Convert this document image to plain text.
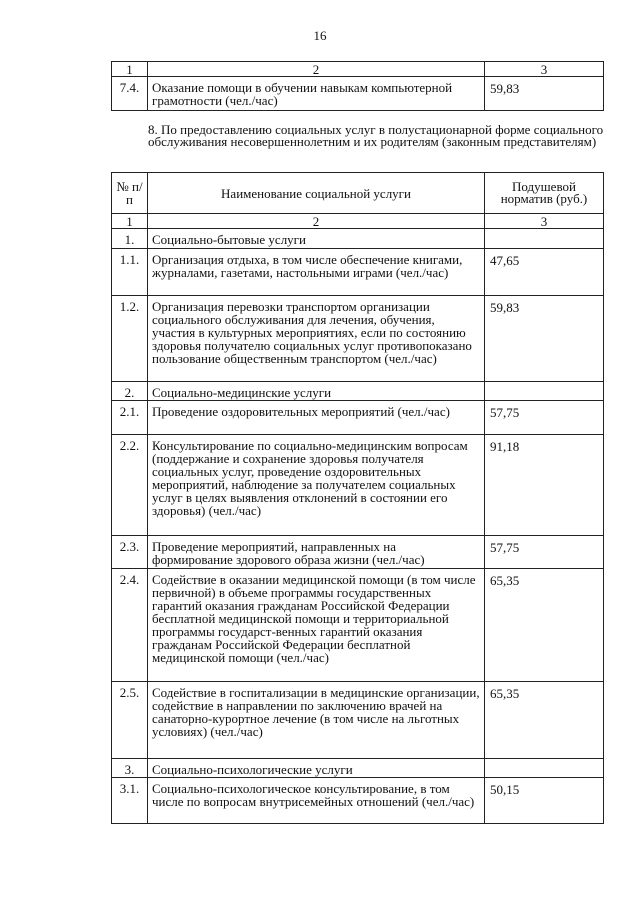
16
1	2	3
7.4.	Оказание помощи в обучении навыкам компьютерной грамотности (чел./час)	59,83
8. По предоставлению социальных услуг в полустационарной форме социального обслуживания несовершеннолетним и их родителям (законным представителям)
№ п/п	Наименование социальной услуги	Подушевой норматив (руб.)
1	2	3
1.	Социально-бытовые услуги	
1.1.	Организация отдыха, в том числе обеспечение книгами, журналами, газетами, настольными играми (чел./час)	47,65
1.2.	Организация перевозки транспортом организации социального обслуживания для лечения, обучения, участия в культурных мероприятиях, если по состоянию здоровья получателю социальных услуг противопоказано пользование общественным транспортом (чел./час)	59,83
2.	Социально-медицинские услуги	
2.1.	Проведение оздоровительных мероприятий (чел./час)	57,75
2.2.	Консультирование по социально-медицинским вопросам (поддержание и сохранение здоровья получателя социальных услуг, проведение оздоровительных мероприятий, наблюдение за получателем социальных услуг в целях выявления отклонений в состоянии его здоровья) (чел./час)	91,18
2.3.	Проведение мероприятий, направленных на формирование здорового образа жизни (чел./час)	57,75
2.4.	Содействие в оказании медицинской помощи (в том числе первичной) в объеме программы государственных гарантий оказания гражданам Российской Федерации бесплатной медицинской помощи и территориальной программы государст-венных гарантий оказания гражданам Российской Федерации бесплатной медицинской помощи (чел./час)	65,35
2.5.	Содействие в госпитализации в медицинские организации, содействие в направлении по заключению врачей на санаторно-курортное лечение (в том числе на льготных условиях) (чел./час)	65,35
3.	Социально-психологические услуги	
3.1.	Социально-психологическое консультирование, в том числе по вопросам внутрисемейных отношений (чел./час)	50,15
